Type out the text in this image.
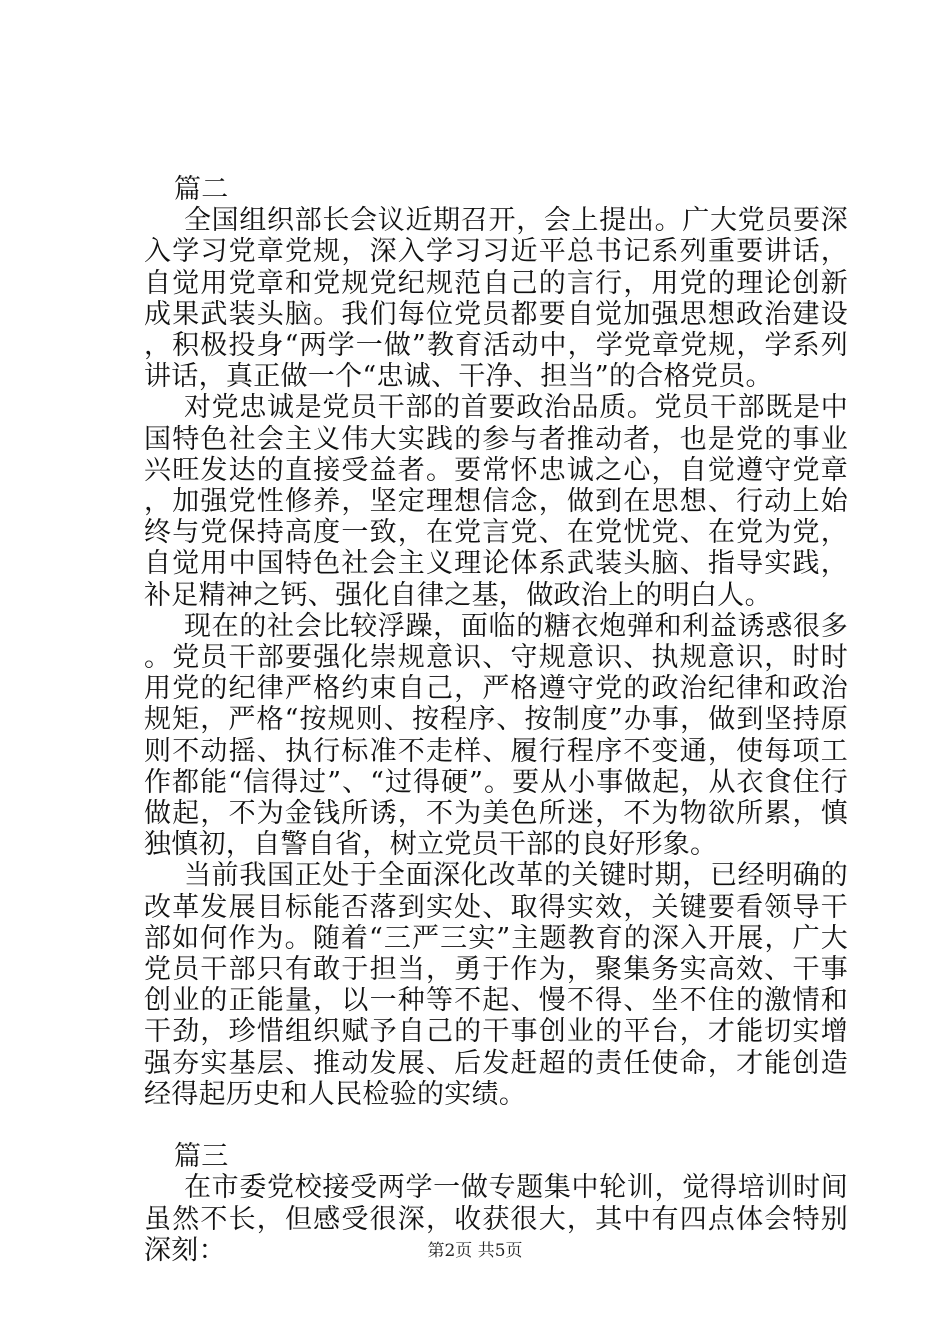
篇二

全国组织部长会议近期召开，会上提出。广大党员要深入学习党章党规，深入学习习近平总书记系列重要讲话，自觉用党章和党规党纪规范自己的言行，用党的理论创新成果武装头脑。我们每位党员都要自觉加强思想政治建设，积极投身“两学一做”教育活动中，学党章党规，学系列讲话，真正做一个“忠诚、干净、担当”的合格党员。

对党忠诚是党员干部的首要政治品质。党员干部既是中国特色社会主义伟大实践的参与者推动者，也是党的事业兴旺发达的直接受益者。要常怀忠诚之心，自觉遵守党章，加强党性修养，坚定理想信念，做到在思想、行动上始终与党保持高度一致，在党言党、在党忧党、在党为党，自觉用中国特色社会主义理论体系武装头脑、指导实践，补足精神之钙、强化自律之基，做政治上的明白人。

现在的社会比较浮躁，面临的糖衣炮弹和利益诱惑很多。党员干部要强化崇规意识、守规意识、执规意识，时时用党的纪律严格约束自己，严格遵守党的政治纪律和政治规矩，严格“按规则、按程序、按制度”办事，做到坚持原则不动摇、执行标准不走样、履行程序不变通，使每项工作都能“信得过”、“过得硬”。要从小事做起，从衣食住行做起，不为金钱所诱，不为美色所迷，不为物欲所累，慎独慎初，自警自省，树立党员干部的良好形象。

当前我国正处于全面深化改革的关键时期，已经明确的改革发展目标能否落到实处、取得实效，关键要看领导干部如何作为。随着“三严三实”主题教育的深入开展，广大党员干部只有敢于担当，勇于作为，聚集务实高效、干事创业的正能量，以一种等不起、慢不得、坐不住的激情和干劲，珍惜组织赋予自己的干事创业的平台，才能切实增强夯实基层、推动发展、后发赶超的责任使命，才能创造经得起历史和人民检验的实绩。

篇三

在市委党校接受两学一做专题集中轮训，觉得培训时间虽然不长，但感受很深，收获很大，其中有四点体会特别深刻：	第2页 共5页
